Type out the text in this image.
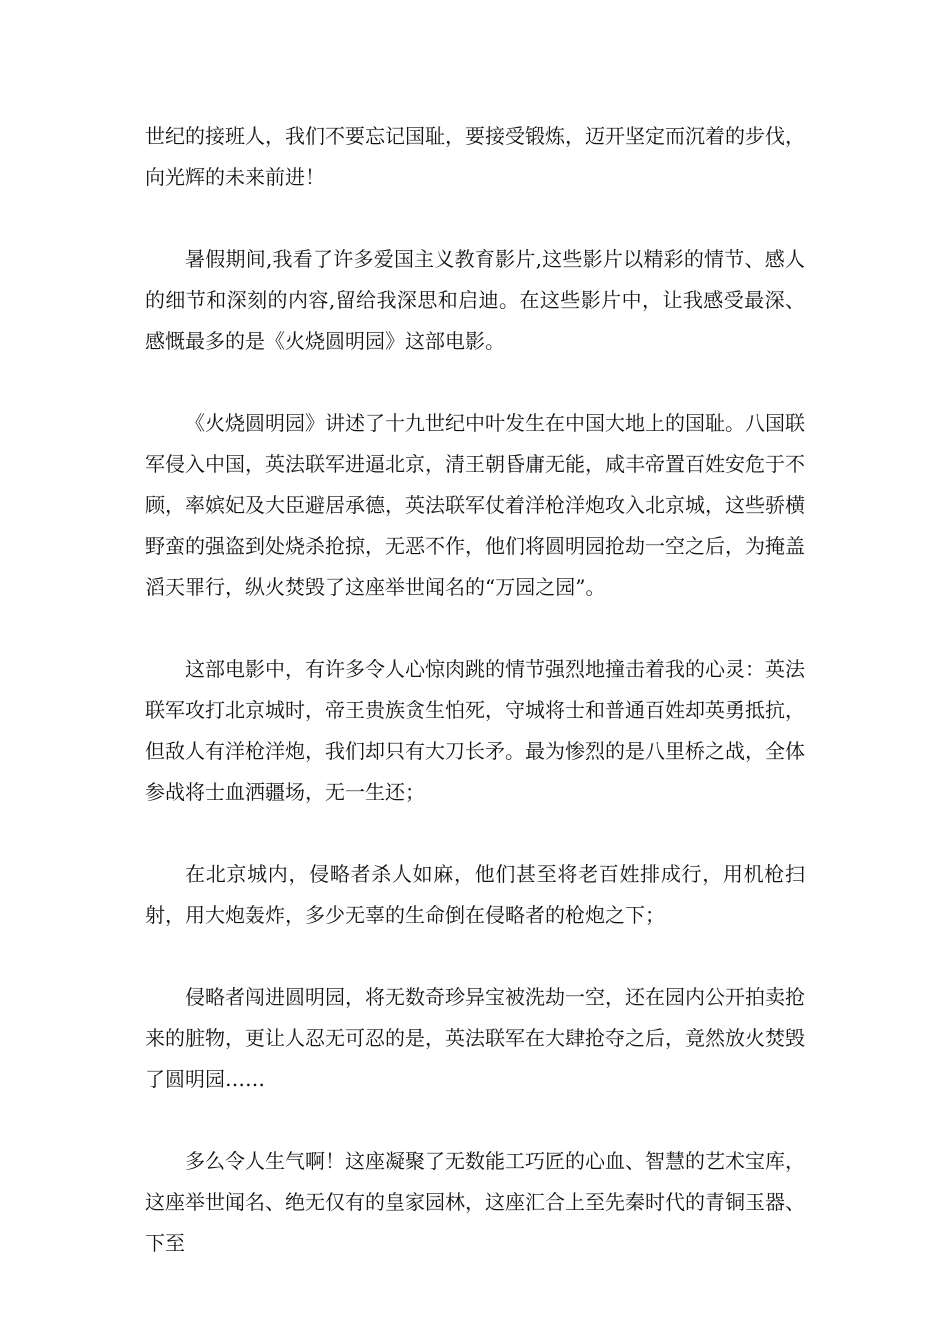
世纪的接班人，我们不要忘记国耻，要接受锻炼，迈开坚定而沉着的步伐，向光辉的未来前进！

暑假期间,我看了许多爱国主义教育影片,这些影片以精彩的情节、感人的细节和深刻的内容,留给我深思和启迪。在这些影片中，让我感受最深、感慨最多的是《火烧圆明园》这部电影。

《火烧圆明园》讲述了十九世纪中叶发生在中国大地上的国耻。八国联军侵入中国，英法联军进逼北京，清王朝昏庸无能，咸丰帝置百姓安危于不顾，率嫔妃及大臣避居承德，英法联军仗着洋枪洋炮攻入北京城，这些骄横野蛮的强盗到处烧杀抢掠，无恶不作，他们将圆明园抢劫一空之后，为掩盖滔天罪行，纵火焚毁了这座举世闻名的“万园之园”。

这部电影中，有许多令人心惊肉跳的情节强烈地撞击着我的心灵：英法联军攻打北京城时，帝王贵族贪生怕死，守城将士和普通百姓却英勇抵抗，但敌人有洋枪洋炮，我们却只有大刀长矛。最为惨烈的是八里桥之战，全体参战将士血洒疆场，无一生还；

在北京城内，侵略者杀人如麻，他们甚至将老百姓排成行，用机枪扫射，用大炮轰炸，多少无辜的生命倒在侵略者的枪炮之下；

侵略者闯进圆明园，将无数奇珍异宝被洗劫一空，还在园内公开拍卖抢来的脏物，更让人忍无可忍的是，英法联军在大肆抢夺之后，竟然放火焚毁了圆明园……

多么令人生气啊！这座凝聚了无数能工巧匠的心血、智慧的艺术宝库，这座举世闻名、绝无仅有的皇家园林，这座汇合上至先秦时代的青铜玉器、下至
